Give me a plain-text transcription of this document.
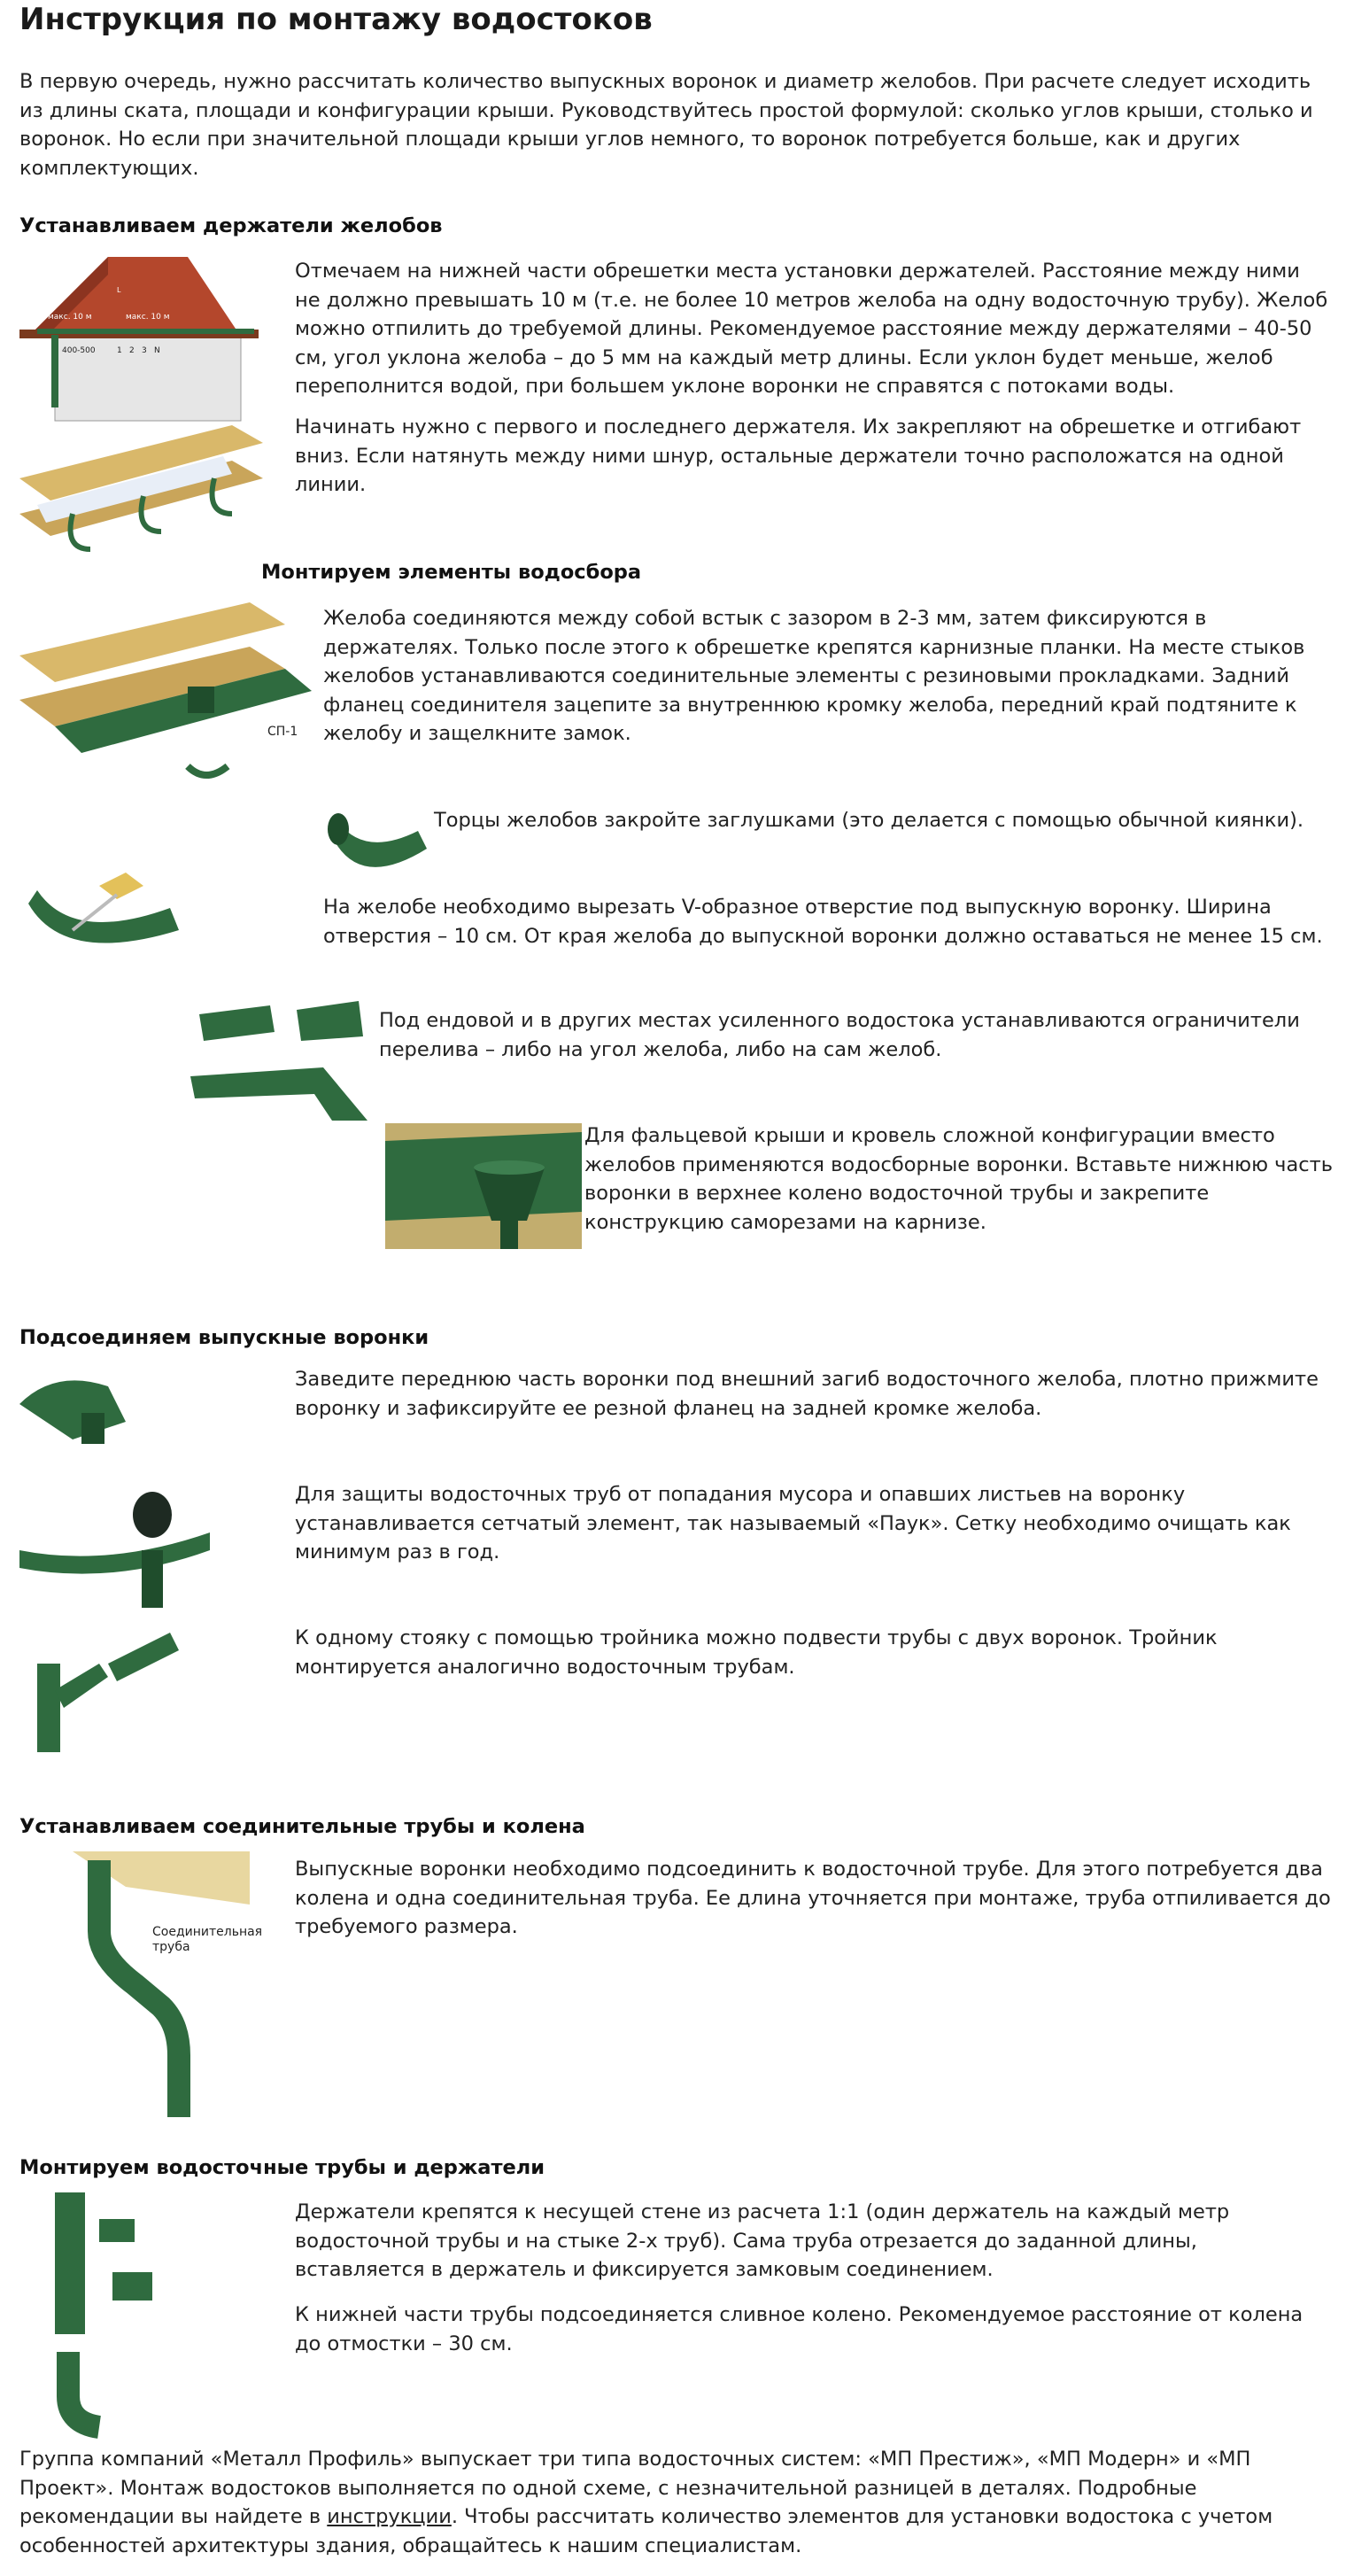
Инструкция по монтажу водостоков

В первую очередь, нужно рассчитать количество выпускных воронок и диаметр желобов. При расчете следует исходить из длины ската, площади и конфигурации крыши. Руководствуйтесь простой формулой: сколько углов крыши, столько и воронок. Но если при значительной площади крыши углов немного, то воронок потребуется больше, как и других комплектующих.

Устанавливаем держатели желобов
L
макс. 10 м	макс. 10 м
400-500	1 2 3 N

Отмечаем на нижней части обрешетки места установки держателей. Расстояние между ними не должно превышать 10 м (т.е. не более 10 метров желоба на одну водосточную трубу). Желоб можно отпилить до требуемой длины. Рекомендуемое расстояние между держателями – 40-50 см, угол уклона желоба – до 5 мм на каждый метр длины. Если уклон будет меньше, желоб переполнится водой, при большем уклоне воронки не справятся с потоками воды.

Начинать нужно с первого и последнего держателя. Их закрепляют на обрешетке и отгибают вниз. Если натянуть между ними шнур, остальные держатели точно расположатся на одной линии.

Монтируем элементы водосбора
СП-1

Желоба соединяются между собой встык с зазором в 2-3 мм, затем фиксируются в держателях. Только после этого к обрешетке крепятся карнизные планки. На месте стыков желобов устанавливаются соединительные элементы с резиновыми прокладками. Задний фланец соединителя зацепите за внутреннюю кромку желоба, передний край подтяните к желобу и защелкните замок.

Торцы желобов закройте заглушками (это делается с помощью обычной киянки).

На желобе необходимо вырезать V-образное отверстие под выпускную воронку. Ширина отверстия – 10 см. От края желоба до выпускной воронки должно оставаться не менее 15 см.

Под ендовой и в других местах усиленного водостока устанавливаются ограничители перелива – либо на угол желоба, либо на сам желоб.

Для фальцевой крыши и кровель сложной конфигурации вместо желобов применяются водосборные воронки. Вставьте нижнюю часть воронки в верхнее колено водосточной трубы и закрепите конструкцию саморезами на карнизе.

Подсоединяем выпускные воронки

Заведите переднюю часть воронки под внешний загиб водосточного желоба, плотно прижмите воронку и зафиксируйте ее резной фланец на задней кромке желоба.

Для защиты водосточных труб от попадания мусора и опавших листьев на воронку устанавливается сетчатый элемент, так называемый «Паук». Сетку необходимо очищать как минимум раз в год.

К одному стояку с помощью тройника можно подвести трубы с двух воронок. Тройник монтируется аналогично водосточным трубам.

Устанавливаем соединительные трубы и колена
Соединительная
труба

Выпускные воронки необходимо подсоединить к водосточной трубе. Для этого потребуется два колена и одна соединительная труба. Ее длина уточняется при монтаже, труба отпиливается до требуемого размера.

Монтируем водосточные трубы и держатели

Держатели крепятся к несущей стене из расчета 1:1 (один держатель на каждый метр водосточной трубы и на стыке 2-х труб). Сама труба отрезается до заданной длины, вставляется в держатель и фиксируется замковым соединением.

К нижней части трубы подсоединяется сливное колено. Рекомендуемое расстояние от колена до отмостки – 30 см.

Группа компаний «Металл Профиль» выпускает три типа водосточных систем: «МП Престиж», «МП Модерн» и «МП Проект». Монтаж водостоков выполняется по одной схеме, с незначительной разницей в деталях. Подробные рекомендации вы найдете в инструкции. Чтобы рассчитать количество элементов для установки водостока с учетом особенностей архитектуры здания, обращайтесь к нашим специалистам.
